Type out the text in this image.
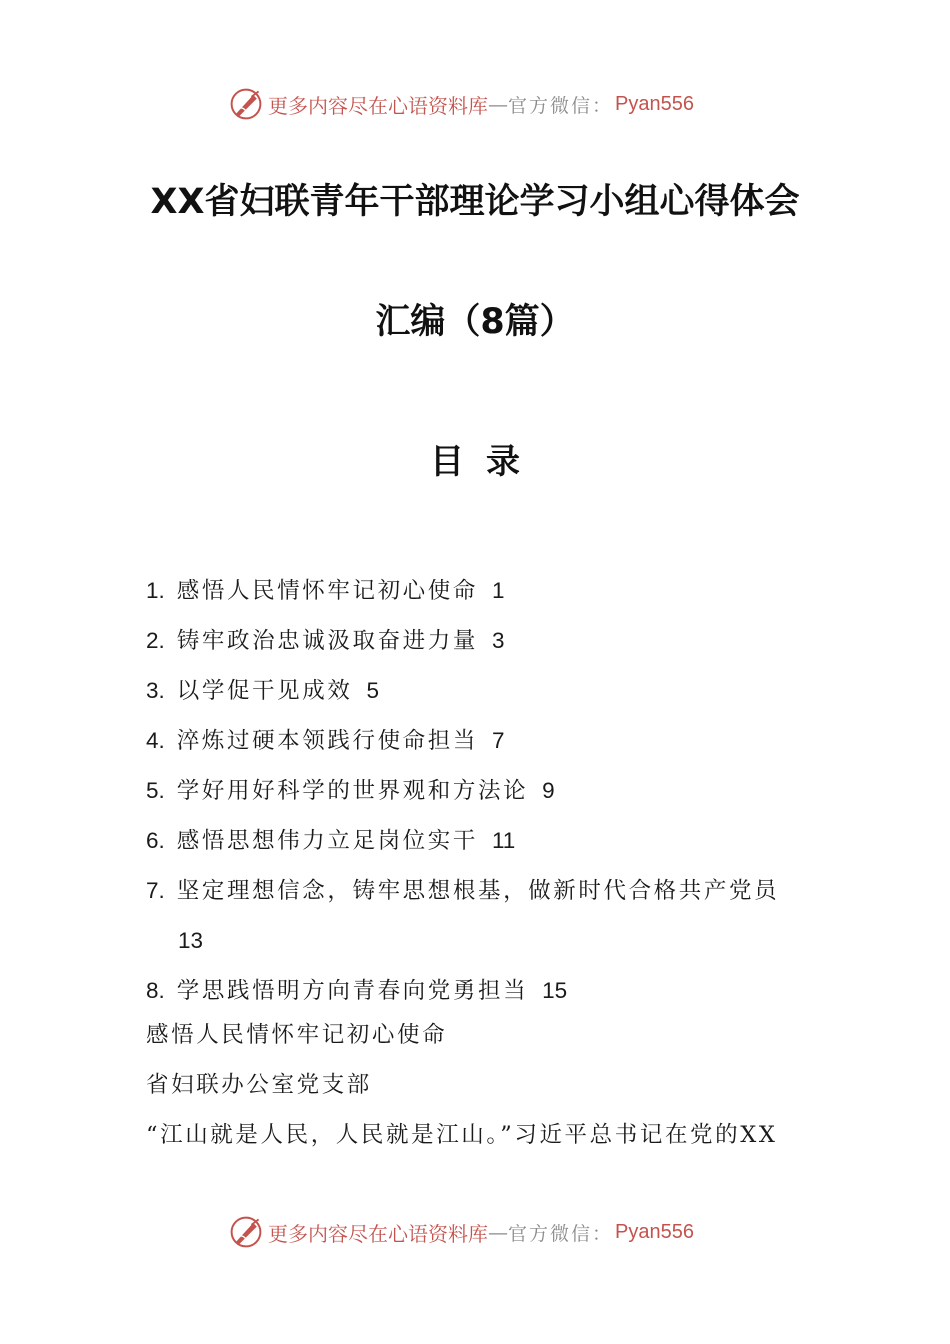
更多内容尽在心语资料库 — 官方微信： Pyan556
XX省妇联青年干部理论学习小组心得体会
汇编（8篇）
目录
1. 感悟人民情怀牢记初心使命 1
2. 铸牢政治忠诚汲取奋进力量 3
3. 以学促干见成效 5
4. 淬炼过硬本领践行使命担当 7
5. 学好用好科学的世界观和方法论 9
6. 感悟思想伟力立足岗位实干 11
7. 坚定理想信念，铸牢思想根基，做新时代合格共产党员
13
8. 学思践悟明方向青春向党勇担当 15
感悟人民情怀牢记初心使命
省妇联办公室党支部
“江山就是人民，人民就是江山。”习近平总书记在党的XX
更多内容尽在心语资料库 — 官方微信： Pyan556
